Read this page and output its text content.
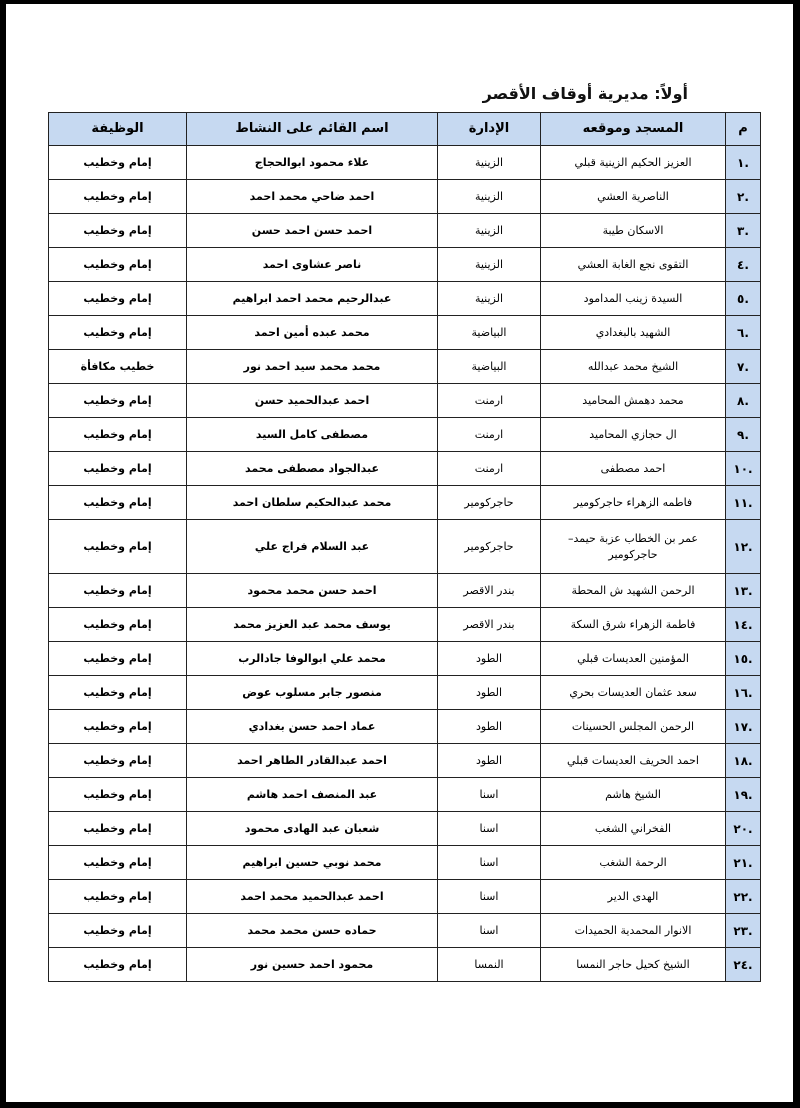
أولاً: مديرية أوقاف الأقصر
م	المسجد وموقعه	الإدارة	اسم القائم على النشاط	الوظيفة
.١	العزيز الحكيم الزينية قبلي	الزينية	علاء محمود ابوالحجاج	إمام وخطيب
.٢	الناصرية العشي	الزينية	احمد ضاحي محمد احمد	إمام وخطيب
.٣	الاسكان طيبة	الزينية	احمد حسن احمد حسن	إمام وخطيب
.٤	التقوى نجع الغابة العشي	الزينية	ناصر عشاوى احمد	إمام وخطيب
.٥	السيدة زينب المدامود	الزينية	عبدالرحيم محمد احمد ابراهيم	إمام وخطيب
.٦	الشهيد بالبغدادي	البياضية	محمد عبده أمين احمد	إمام وخطيب
.٧	الشيخ محمد عبدالله	البياضية	محمد محمد سيد احمد نور	خطيب مكافأة
.٨	محمد دهمش المحاميد	ارمنت	احمد عبدالحميد حسن	إمام وخطيب
.٩	ال حجازي المحاميد	ارمنت	مصطفى كامل السيد	إمام وخطيب
.١٠	احمد مصطفى	ارمنت	عبدالجواد مصطفى محمد	إمام وخطيب
.١١	فاطمه الزهراء حاجركومير	حاجركومير	محمد عبدالحكيم سلطان احمد	إمام وخطيب
.١٢	عمر بن الخطاب عزبة حيمد– حاجركومير	حاجركومير	عبد السلام فراج علي	إمام وخطيب
.١٣	الرحمن الشهيد ش المحطة	بندر الاقصر	احمد حسن محمد محمود	إمام وخطيب
.١٤	فاطمة الزهراء شرق السكة	بندر الاقصر	يوسف محمد عبد العزيز محمد	إمام وخطيب
.١٥	المؤمنين العديسات قبلي	الطود	محمد علي ابوالوفا جادالرب	إمام وخطيب
.١٦	سعد عثمان العديسات بحري	الطود	منصور جابر مسلوب عوض	إمام وخطيب
.١٧	الرحمن المجلس الحسينات	الطود	عماد احمد حسن بغدادي	إمام وخطيب
.١٨	احمد الحريف العديسات قبلي	الطود	احمد عبدالقادر الطاهر احمد	إمام وخطيب
.١٩	الشيخ هاشم	اسنا	عبد المنصف احمد هاشم	إمام وخطيب
.٢٠	الفخراني الشغب	اسنا	شعبان عبد الهادى محمود	إمام وخطيب
.٢١	الرحمة الشغب	اسنا	محمد نوبي حسين ابراهيم	إمام وخطيب
.٢٢	الهدى الدير	اسنا	احمد عبدالحميد محمد احمد	إمام وخطيب
.٢٣	الانوار المحمدية الحميدات	اسنا	حماده حسن محمد محمد	إمام وخطيب
.٢٤	الشيخ كحيل حاجر النمسا	النمسا	محمود احمد حسين نور	إمام وخطيب
